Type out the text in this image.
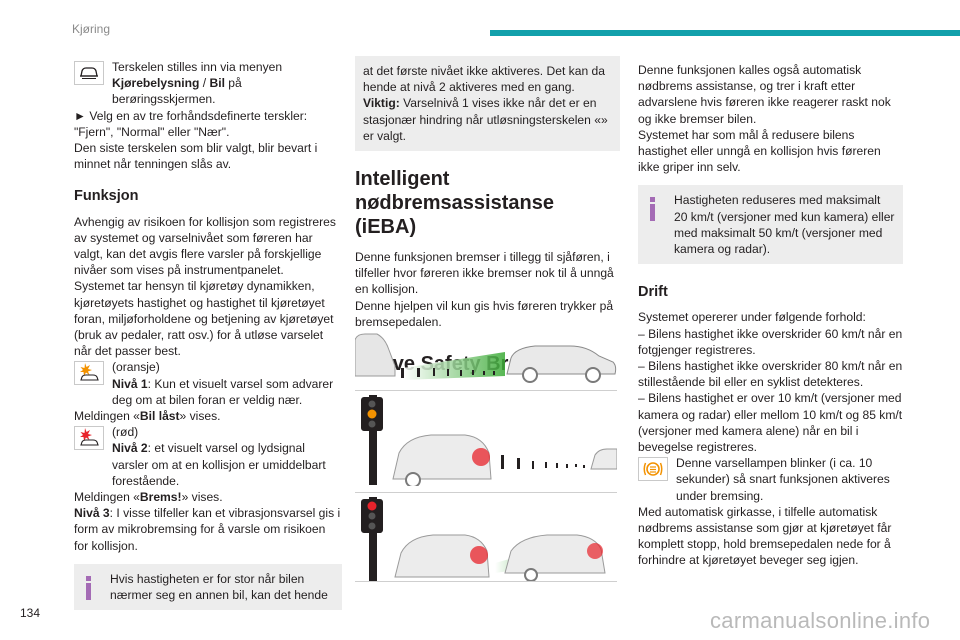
Kjøring

Terskelen stilles inn via menyen
Kjørebelysning / Bil på berøringsskjermen.

► Velg en av tre forhåndsdefinerte terskler: "Fjern", "Normal" eller "Nær".

Den siste terskelen som blir valgt, blir bevart i minnet når tenningen slås av.

Funksjon

Avhengig av risikoen for kollisjon som registreres av systemet og varselnivået som føreren har valgt, kan det avgis flere varsler på forskjellige nivåer som vises på instrumentpanelet.

Systemet tar hensyn til kjøretøy dynamikken, kjøretøyets hastighet og hastighet til kjøretøyet foran, miljøforholdene og betjening av kjøretøyet (bruk av pedaler, ratt osv.) for å utløse varselet når det passer best.

(oransje)
Nivå 1: Kun et visuelt varsel som advarer deg om at bilen foran er veldig nær.

Meldingen «Bil låst» vises.

(rød)
Nivå 2: et visuelt varsel og lydsignal varsler om at en kollisjon er umiddelbart forestående.

Meldingen «Brems!» vises.

Nivå 3: I visse tilfeller kan et vibrasjonsvarsel gis i form av mikrobremsing for å varsle om risikoen for kollisjon.

Hvis hastigheten er for stor når bilen nærmer seg en annen bil, kan det hende

at det første nivået ikke aktiveres. Det kan da hende at nivå 2 aktiveres med en gang.

Viktig: Varselnivå 1 vises ikke når det er en stasjonær hindring når utløsningsterskelen «» er valgt.

Intelligent nødbremsassistanse (iEBA)

Denne funksjonen bremser i tillegg til sjåføren, i tilfeller hvor føreren ikke bremser nok til å unngå en kollisjon.

Denne hjelpen vil kun gis hvis føreren trykker på bremsepedalen.

Denne funksjonen kalles også automatisk nødbrems assistanse, og trer i kraft etter advarslene hvis føreren ikke reagerer raskt nok og ikke bremser bilen.

Systemet har som mål å redusere bilens hastighet eller unngå en kollisjon hvis føreren ikke griper inn selv.

Hastigheten reduseres med maksimalt 20 km/t (versjoner med kun kamera) eller med maksimalt 50 km/t (versjoner med kamera og radar).

Drift

Systemet opererer under følgende forhold:

– Bilens hastighet ikke overskrider 60 km/t når en fotgjenger registreres.

– Bilens hastighet ikke overskrider 80 km/t når en stillestående bil eller en syklist detekteres.

– Bilens hastighet er over 10 km/t (versjoner med kamera og radar) eller mellom 10 km/t og 85 km/t (versjoner med kamera alene) når en bil i bevegelse registreres.

Denne varsellampen blinker (i ca. 10 sekunder) så snart funksjonen aktiveres under bremsing.

Med automatisk girkasse, i tilfelle automatisk nødbrems assistanse som gjør at kjøretøyet får komplett stopp, hold bremsepedalen nede for å forhindre at kjøretøyet beveger seg igjen.

134	carmanualsonline.info
